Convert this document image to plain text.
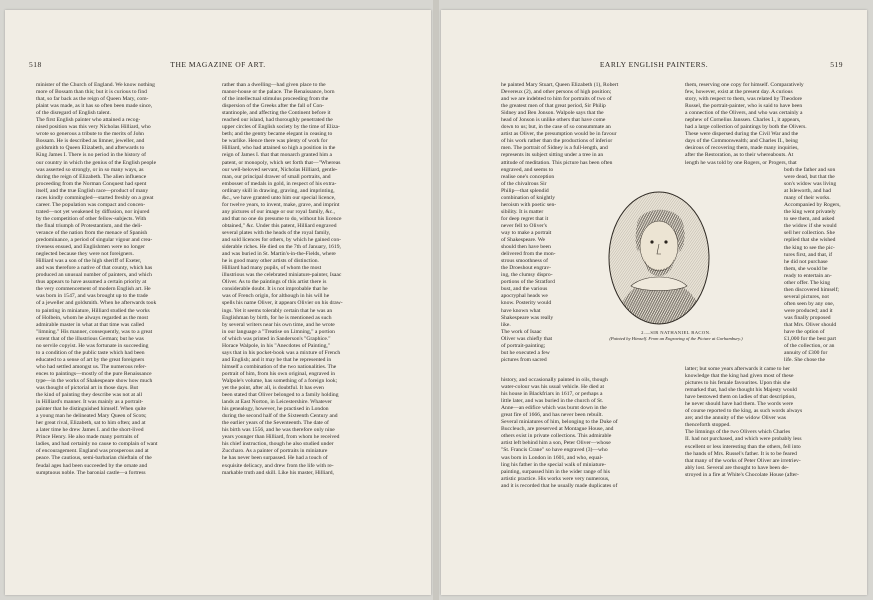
518	THE MAGAZINE OF ART.
minister of the Church of England. We know nothing
more of Bossam than this; but it is curious to find
that, so far back as the reign of Queen Mary, com-
plaint was made, as it has so often been made since,
of the disregard of English talent.
The first English painter who attained a recog-
nised position was this very Nicholas Hilliard, who
wrote so generous a tribute to the merits of John
Bossam. He is described as limner, jeweller, and
goldsmith to Queen Elizabeth, and afterwards to
King James I. There is no period in the history of
our country in which the genius of the English people
was asserted so strongly, or in so many ways, as
during the reign of Elizabeth. The alien influence
proceeding from the Norman Conquest had spent
itself, and the true English race—product of many
races kindly commingled—started freshly on a great
career. The population was compact and concen-
trated—not yet weakened by diffusion, nor injured
by the competition of other fellow-subjects. With
the final triumph of Protestantism, and the deli-
verance of the nation from the menace of Spanish
predominance, a period of singular vigour and crea-
tiveness ensued, and Englishmen were no longer
neglected because they were not foreigners.
Hilliard was a son of the high sheriff of Exeter,
and was therefore a native of that county, which has
produced an unusual number of painters, and which
thus appears to have assumed a certain priority at
the very commencement of modern English art. He
was born in 1547, and was brought up to the trade
of a jeweller and goldsmith. When he afterwards took
to painting in miniature, Hilliard studied the works
of Holbein, whom he always regarded as the most
admirable master in what at that time was called
"limning." His manner, consequently, was to a great
extent that of the illustrious German; but he was
no servile copyist. He was fortunate in succeeding
to a condition of the public taste which had been
educated to a sense of art by the great foreigners
who had settled amongst us. The numerous refer-
ences to paintings—mostly of the pure Renaissance
type—in the works of Shakespeare show how much
was thought of pictorial art in those days. But
the kind of painting they describe was not at all
in Hilliard's manner. It was mainly as a portrait-
painter that he distinguished himself. When quite
a young man he delineated Mary Queen of Scots;
her great rival, Elizabeth, sat to him often; and at
a later time he drew James I. and the short-lived
Prince Henry. He also made many portraits of
ladies, and had certainly no cause to complain of want
of encouragement. England was prosperous and at
peace. The cautious, semi-barbarian chieftain of the
feudal ages had been succeeded by the ornate and
sumptuous noble. The baronial castle—a fortress
rather than a dwelling—had given place to the
manor-house or the palace. The Renaissance, born
of the intellectual stimulus proceeding from the
dispersion of the Greeks after the fall of Con-
stantinople, and affecting the Continent before it
reached our island, had thoroughly penetrated the
upper circles of English society by the time of Eliza-
beth; and the gentry became elegant in ceasing to
be warlike. Hence there was plenty of work for
Hilliard, who had attained so high a position in the
reign of James I. that that monarch granted him a
patent, or monopoly, which set forth that—"Whereas
our well-beloved servant, Nicholas Hilliard, gentle-
man, our principal drawer of small portraits, and
embosser of medals in gold, in respect of his extra-
ordinary skill in drawing, graving, and imprinting,
&c., we have granted unto him our special licence,
for twelve years, to invent, make, grave, and imprint
any pictures of our image or our royal family, &c.,
and that no one do presume to do, without his licence
obtained," &c. Under this patent, Hilliard engraved
several plates with the heads of the royal family,
and sold licences for others, by which he gained con-
siderable riches. He died on the 7th of January, 1619,
and was buried in St. Martin's-in-the-Fields, where
he is good many other artists of distinction.
Hilliard had many pupils, of whom the most
illustrious was the celebrated miniature-painter, Isaac
Oliver. As to the paintings of this artist there is
considerable doubt. It is not improbable that he
was of French origin, for although in his will he
spells his name Oliver, it appears Olivier on his draw-
ings. Yet it seems tolerably certain that he was an
Englishman by birth, for he is mentioned as such
by several writers near his own time, and he wrote
in our language a "Treatise on Limning," a portion
of which was printed in Sanderson's "Graphice."
Horace Walpole, in his "Anecdotes of Painting,"
says that in his pocket-book was a mixture of French
and English; and it may be that he represented in
himself a combination of the two nationalities. The
portrait of him, from his own original, engraved in
Walpole's volume, has something of a foreign look;
yet the point, after all, is doubtful. It has even
been stated that Oliver belonged to a family holding
lands at East Norton, in Leicestershire. Whatever
his genealogy, however, he practised in London
during the second half of the Sixteenth Century and
the earlier years of the Seventeenth. The date of
his birth was 1556, and he was therefore only nine
years younger than Hilliard, from whom he received
his chief instruction, though he also studied under
Zuccharo. As a painter of portraits in miniature
he has never been surpassed. He had a touch of
exquisite delicacy, and drew from the life with re-
markable truth and skill. Like his master, Hilliard,
EARLY ENGLISH PAINTERS.	519
he painted Mary Stuart, Queen Elizabeth (1), Robert
Devereux (2), and other persons of high position;
and we are indebted to him for portraits of two of
the greatest men of that great period, Sir Philip
Sidney and Ben Jonson. Walpole says that the
head of Jonson is unlike others that have come
down to us; but, in the case of so consummate an
artist as Oliver, the presumption would be in favour
of his work rather than the productions of inferior
men. The portrait of Sidney is a full-length, and
represents its subject sitting under a tree in an
attitude of meditation. This picture has been often
engraved, and seems to
realise one's conception
of the chivalrous Sir
Philip—that splendid
combination of knightly
heroism with poetic sen-
sibility. It is matter
for deep regret that it
never fell to Oliver's
way to make a portrait
of Shakespeare. We
should then have been
delivered from the mon-
strous smoothness of
the Droeshout engrav-
ing, the clumsy dispro-
portions of the Stratford
bust, and the various
apocryphal heads we
know. Posterity would
have known what
Shakespeare was really
like.
The work of Isaac
Oliver was chiefly that
of portrait-painting;
but he executed a few
pictures from sacred
history, and occasionally painted in oils, though
water-colour was his usual vehicle. He died at
his house in Blackfriars in 1617, or perhaps a
little later, and was buried in the church of St.
Anne—an edifice which was burnt down in the
great fire of 1666, and has never been rebuilt.
Several miniatures of him, belonging to the Duke of
Buccleuch, are preserved at Montague House, and
others exist in private collections. This admirable
artist left behind him a son, Peter Oliver—whose
"St. Francis Crane" so have engraved (3)—who
was born in London in 1601, and who, equal-
ling his father in the special walk of miniature-
painting, surpassed him in the wider range of his
artistic practice. His works were very numerous,
and it is recorded that he usually made duplicates of
them, reserving one copy for himself. Comparatively
few, however, exist at the present day. A curious
story, with respect to them, was related by Theodore
Russel, the portrait-painter, who is said to have been
a connection of the Olivers, and who was certainly a
nephew of Cornelius Janssen. Charles I., it appears,
had a large collection of paintings by both the Olivers.
These were dispersed during the Civil War and the
days of the Commonwealth; and Charles II., being
desirous of recovering them, made many inquiries,
after the Restoration, as to their whereabouts. At
length he was told by one Rogers, or Progers, that
both the father and son
were dead, but that the
son's widow was living
at Isleworth, and had
many of their works.
Accompanied by Rogers,
the king went privately
to see them, and asked
the widow if she would
sell her collection. She
replied that she wished
the king to see the pic-
tures first, and that, if
he did not purchase
them, she would be
ready to entertain an-
other offer. The king
then discovered himself;
several pictures, not
often seen by any one,
were produced; and it
was finally proposed
that Mrs. Oliver should
have the option of
£1,000 for the best part
of the collection, or an
annuity of £300 for
life. She chose the
latter; but some years afterwards it came to her
knowledge that the king had given most of these
pictures to his female favourites. Upon this she
remarked that, had she thought his Majesty would
have bestowed them on ladies of that description,
he never should have had them. The words were
of course reported to the king, as such words always
are; and the annuity of the widow Oliver was
thenceforth stopped.
The limnings of the two Olivers which Charles
II. had not purchased, and which were probably less
excellent or less interesting than the others, fell into
the hands of Mrs. Russel's father. It is to be feared
that many of the works of Peter Oliver are irretriev-
ably lost. Several are thought to have been de-
stroyed in a fire at White's Chocolate House (after-
2.—SIR NATHANIEL BACON.
(Painted by Himself. From an Engraving of the Picture at Gorhambury.)
